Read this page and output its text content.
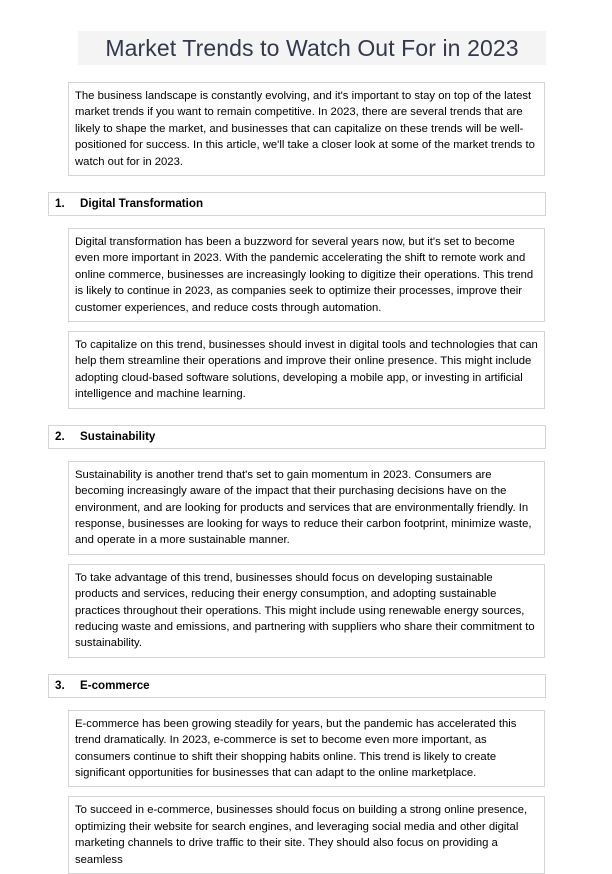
Market Trends to Watch Out For in 2023
The business landscape is constantly evolving, and it's important to stay on top of the latest market trends if you want to remain competitive. In 2023, there are several trends that are likely to shape the market, and businesses that can capitalize on these trends will be well-positioned for success. In this article, we'll take a closer look at some of the market trends to watch out for in 2023.
1. Digital Transformation
Digital transformation has been a buzzword for several years now, but it's set to become even more important in 2023. With the pandemic accelerating the shift to remote work and online commerce, businesses are increasingly looking to digitize their operations. This trend is likely to continue in 2023, as companies seek to optimize their processes, improve their customer experiences, and reduce costs through automation.
To capitalize on this trend, businesses should invest in digital tools and technologies that can help them streamline their operations and improve their online presence. This might include adopting cloud-based software solutions, developing a mobile app, or investing in artificial intelligence and machine learning.
2. Sustainability
Sustainability is another trend that's set to gain momentum in 2023. Consumers are becoming increasingly aware of the impact that their purchasing decisions have on the environment, and are looking for products and services that are environmentally friendly. In response, businesses are looking for ways to reduce their carbon footprint, minimize waste, and operate in a more sustainable manner.
To take advantage of this trend, businesses should focus on developing sustainable products and services, reducing their energy consumption, and adopting sustainable practices throughout their operations. This might include using renewable energy sources, reducing waste and emissions, and partnering with suppliers who share their commitment to sustainability.
3. E-commerce
E-commerce has been growing steadily for years, but the pandemic has accelerated this trend dramatically. In 2023, e-commerce is set to become even more important, as consumers continue to shift their shopping habits online. This trend is likely to create significant opportunities for businesses that can adapt to the online marketplace.
To succeed in e-commerce, businesses should focus on building a strong online presence, optimizing their website for search engines, and leveraging social media and other digital marketing channels to drive traffic to their site. They should also focus on providing a seamless
